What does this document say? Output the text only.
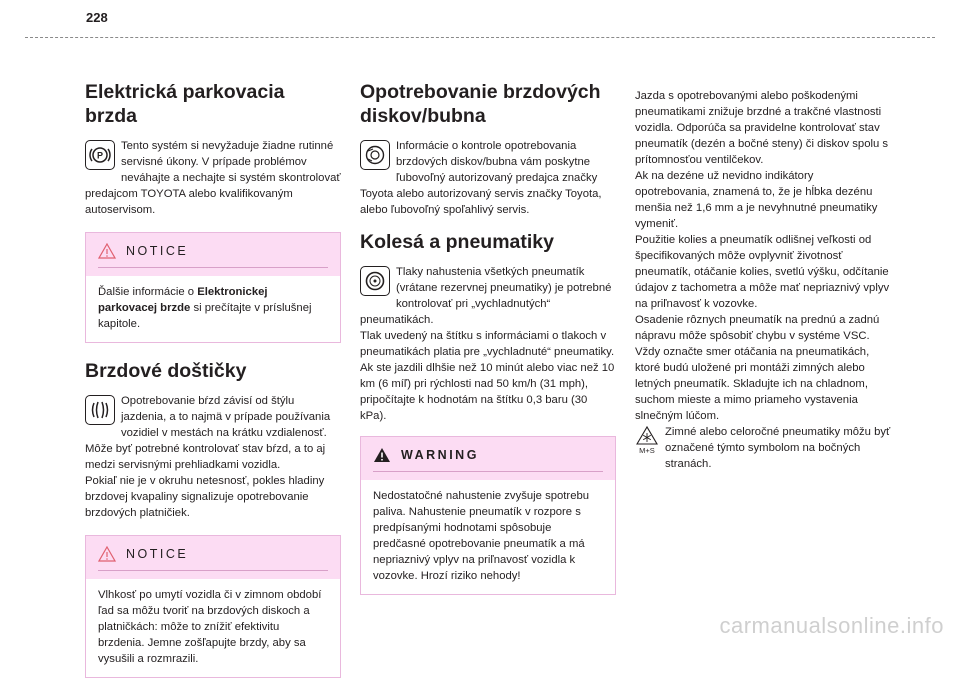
228
Elektrická parkovacia brzda

P
Tento systém si nevyžaduje žiadne rutinné servisné úkony. V prípade problémov neváhajte a nechajte si systém skontrolovať predajcom TOYOTA alebo kvalifikovaným autoservisom.

NOTICE
Ďalšie informácie o Elektronickej parkovacej brzde si prečítajte v príslušnej kapitole.
Brzdové doštičky

Opotrebovanie bŕzd závisí od štýlu jazdenia, a to najmä v prípade používania vozidiel v mestách na krátku vzdialenosť. Môže byť potrebné kontrolovať stav bŕzd, a to aj medzi servisnými prehliadkami vozidla.

Pokiaľ nie je v okruhu netesnosť, pokles hladiny brzdovej kvapaliny signalizuje opotrebovanie brzdových platničiek.

NOTICE
Vlhkosť po umytí vozidla či v zimnom období ľad sa môžu tvoriť na brzdových diskoch a platničkách: môže to znížiť efektivitu brzdenia. Jemne zošľapujte brzdy, aby sa vysušili a rozmrazili.
Opotrebovanie brzdových diskov/bubna

Informácie o kontrole opotrebovania brzdových diskov/bubna vám poskytne ľubovoľný autorizovaný predajca značky Toyota alebo autorizovaný servis značky Toyota, alebo ľubovoľný spoľahlivý servis.

Kolesá a pneumatiky

Tlaky nahustenia všetkých pneumatík (vrátane rezervnej pneumatiky) je potrebné kontrolovať pri „vychladnutých“ pneumatikách.

Tlak uvedený na štítku s informáciami o tlakoch v pneumatikách platia pre „vychladnuté“ pneumatiky. Ak ste jazdili dlhšie než 10 minút alebo viac než 10 km (6 míľ) pri rýchlosti nad 50 km/h (31 mph), pripočítajte k hodnotám na štítku 0,3 baru (30 kPa).

WARNING
Nedostatočné nahustenie zvyšuje spotrebu paliva. Nahustenie pneumatík v rozpore s predpísanými hodnotami spôsobuje predčasné opotrebovanie pneumatík a má nepriaznivý vplyv na priľnavosť vozidla k vozovke. Hrozí riziko nehody!

Jazda s opotrebovanými alebo poškodenými pneumatikami znižuje brzdné a trakčné vlastnosti vozidla. Odporúča sa pravidelne kontrolovať stav pneumatík (dezén a bočné steny) či diskov spolu s prítomnosťou ventilčekov.

Ak na dezéne už nevidno indikátory opotrebovania, znamená to, že je hĺbka dezénu menšia než 1,6 mm a je nevyhnutné pneumatiky vymeniť.

Použitie kolies a pneumatík odlišnej veľkosti od špecifikovaných môže ovplyvniť životnosť pneumatík, otáčanie kolies, svetlú výšku, odčítanie údajov z tachometra a môže mať nepriaznivý vplyv na priľnavosť k vozovke.

Osadenie rôznych pneumatík na prednú a zadnú nápravu môže spôsobiť chybu v systéme VSC.

Vždy označte smer otáčania na pneumatikách, ktoré budú uložené pri montáži zimných alebo letných pneumatík. Skladujte ich na chladnom, suchom mieste a mimo priameho vystavenia slnečným lúčom.

M+S
Zimné alebo celoročné pneumatiky môžu byť označené týmto symbolom na bočných stranách.

carmanualsonline.info
